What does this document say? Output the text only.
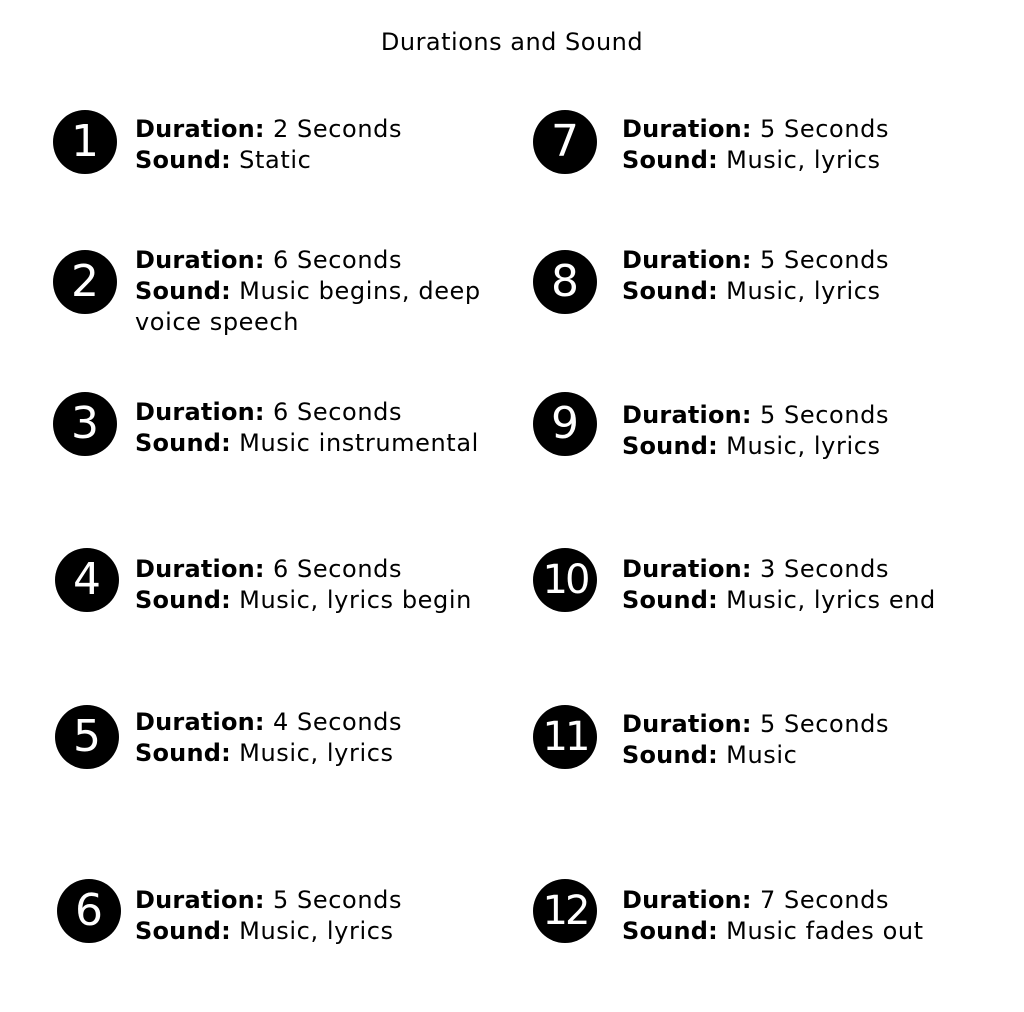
Durations and Sound
1	Duration: 2 Seconds
Sound: Static
2	Duration: 6 Seconds
Sound: Music begins, deep voice speech
3	Duration: 6 Seconds
Sound: Music instrumental
4	Duration: 6 Seconds
Sound: Music, lyrics begin
5	Duration: 4 Seconds
Sound: Music, lyrics
6	Duration: 5 Seconds
Sound: Music, lyrics
7	Duration: 5 Seconds
Sound: Music, lyrics
8	Duration: 5 Seconds
Sound: Music, lyrics
9	Duration: 5 Seconds
Sound: Music, lyrics
10	Duration: 3 Seconds
Sound: Music, lyrics end
11	Duration: 5 Seconds
Sound: Music
12	Duration: 7 Seconds
Sound: Music fades out
